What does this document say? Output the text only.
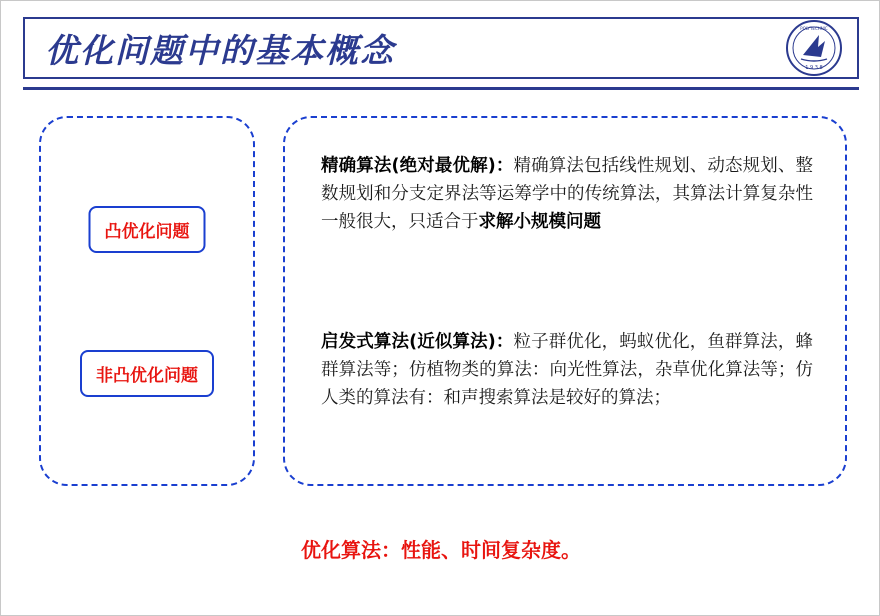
优化问题中的基本概念	1 9 3 8
POLYTECHNIC
凸优化问题
非凸优化问题
精确算法(绝对最优解)：精确算法包括线性规划、动态规划、整数规划和分支定界法等运筹学中的传统算法，其算法计算复杂性一般很大，只适合于求解小规模问题
启发式算法(近似算法)：粒子群优化，蚂蚁优化，鱼群算法，蜂群算法等；仿植物类的算法：向光性算法，杂草优化算法等；仿人类的算法有：和声搜索算法是较好的算法；
优化算法：性能、时间复杂度。
